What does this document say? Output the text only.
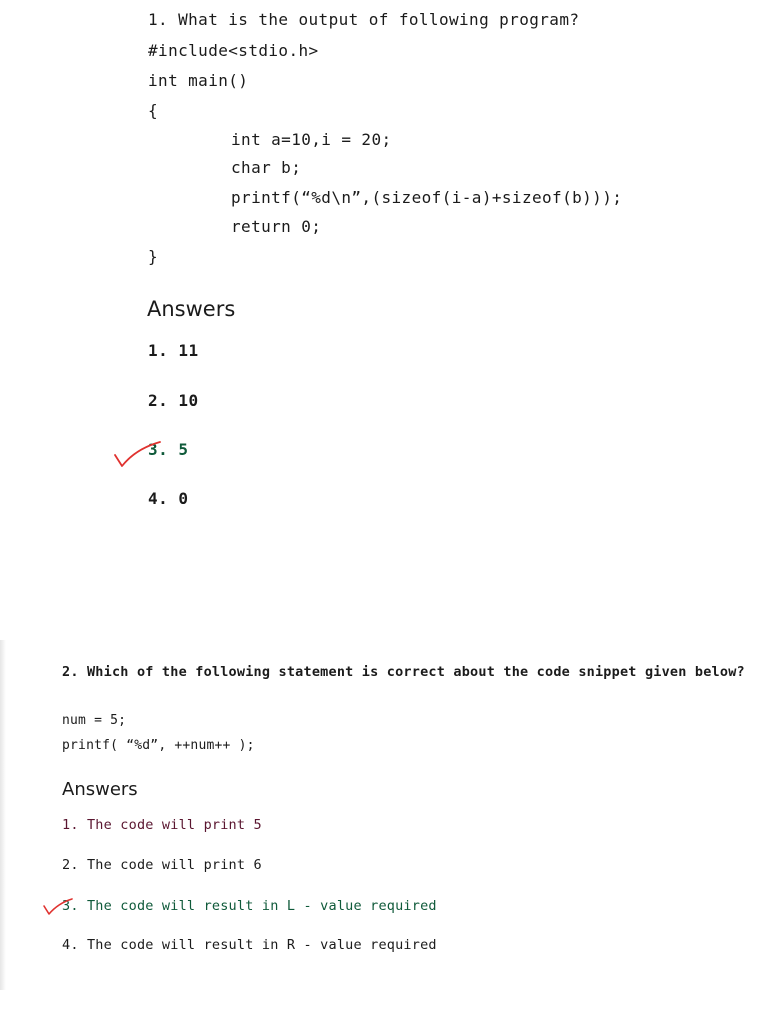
1. What is the output of following program?
#include<stdio.h>
int main()
{
int a=10,i = 20;
char b;
printf(“%d\n”,(sizeof(i-a)+sizeof(b)));
return 0;
}
Answers
1. 11
2. 10
3. 5
4. 0
2. Which of the following statement is correct about the code snippet given below?
num = 5;
printf( “%d”, ++num++ );
Answers
1. The code will print 5
2. The code will print 6
3. The code will result in L - value required
4. The code will result in R - value required
